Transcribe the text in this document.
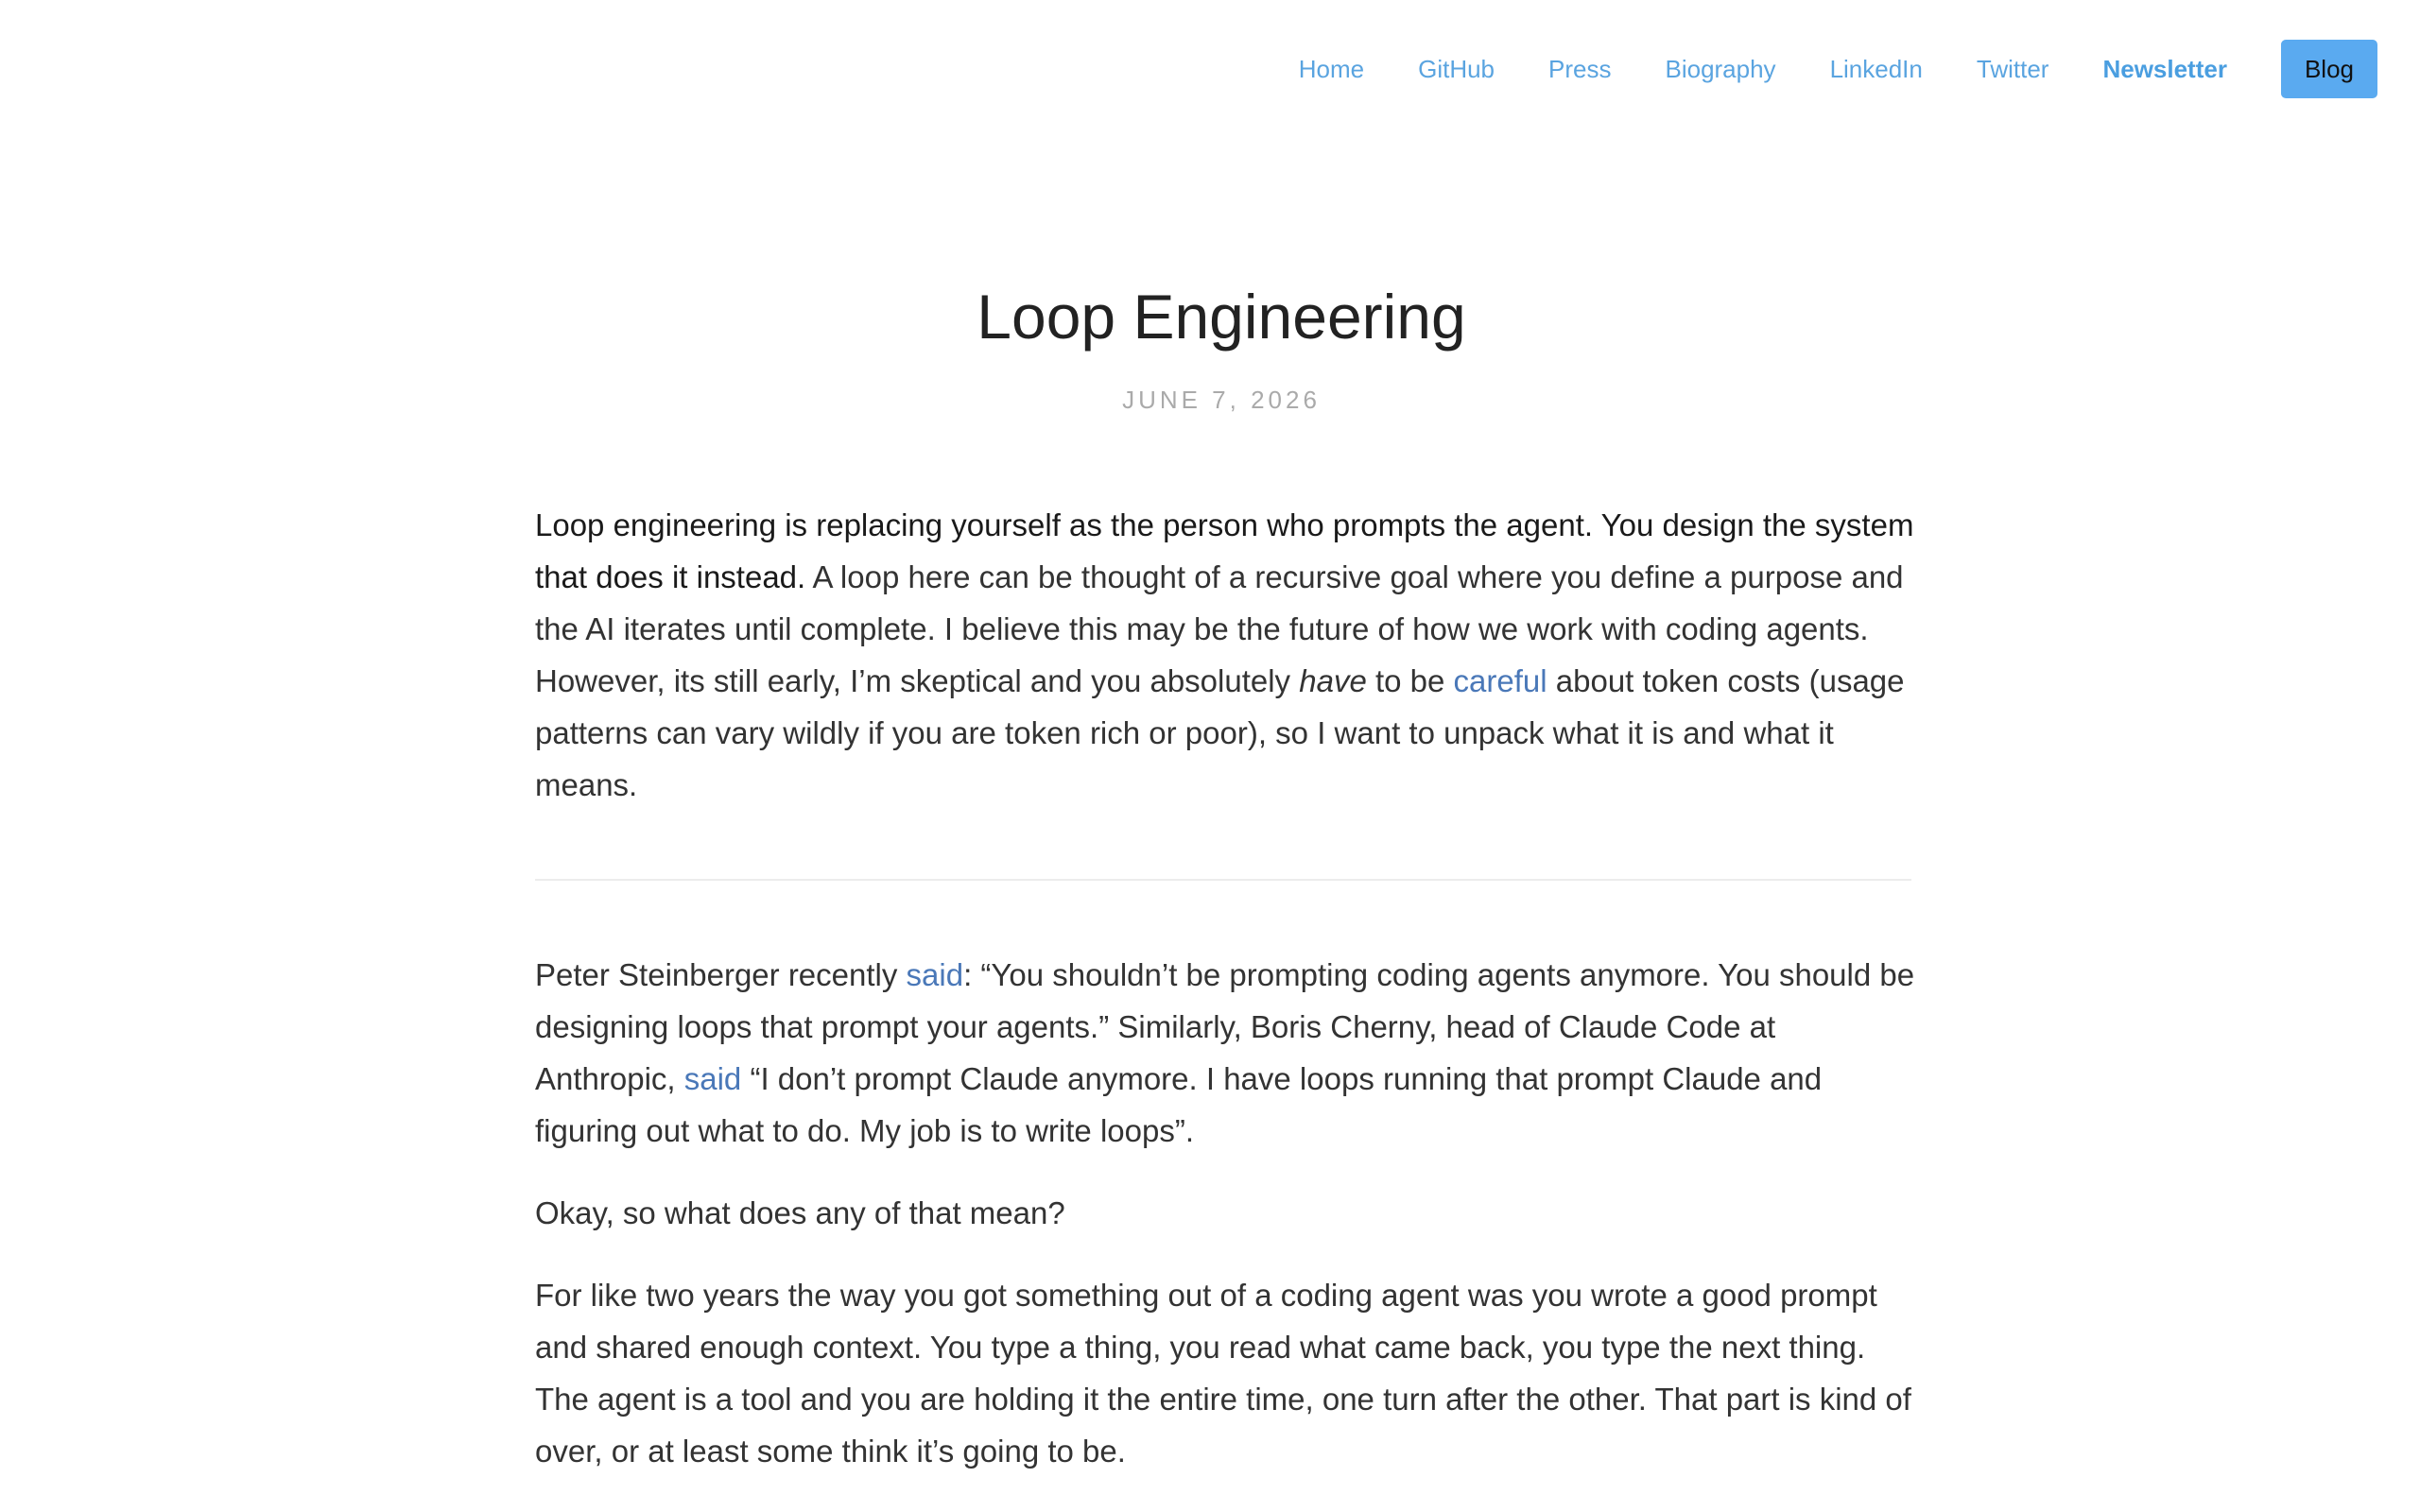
Home GitHub Press Biography LinkedIn Twitter Newsletter	Blog
Loop Engineering
JUNE 7, 2026

Loop engineering is replacing yourself as the person who prompts the agent. You design the system that does it instead. A loop here can be thought of a recursive goal where you define a purpose and the AI iterates until complete. I believe this may be the future of how we work with coding agents. However, its still early, I’m skeptical and you absolutely have to be careful about token costs (usage patterns can vary wildly if you are token rich or poor), so I want to unpack what it is and what it means.

Peter Steinberger recently said: “You shouldn’t be prompting coding agents anymore. You should be designing loops that prompt your agents.” Similarly, Boris Cherny, head of Claude Code at Anthropic, said “I don’t prompt Claude anymore. I have loops running that prompt Claude and figuring out what to do. My job is to write loops”.

Okay, so what does any of that mean?

For like two years the way you got something out of a coding agent was you wrote a good prompt and shared enough context. You type a thing, you read what came back, you type the next thing. The agent is a tool and you are holding it the entire time, one turn after the other. That part is kind of over, or at least some think it’s going to be.
